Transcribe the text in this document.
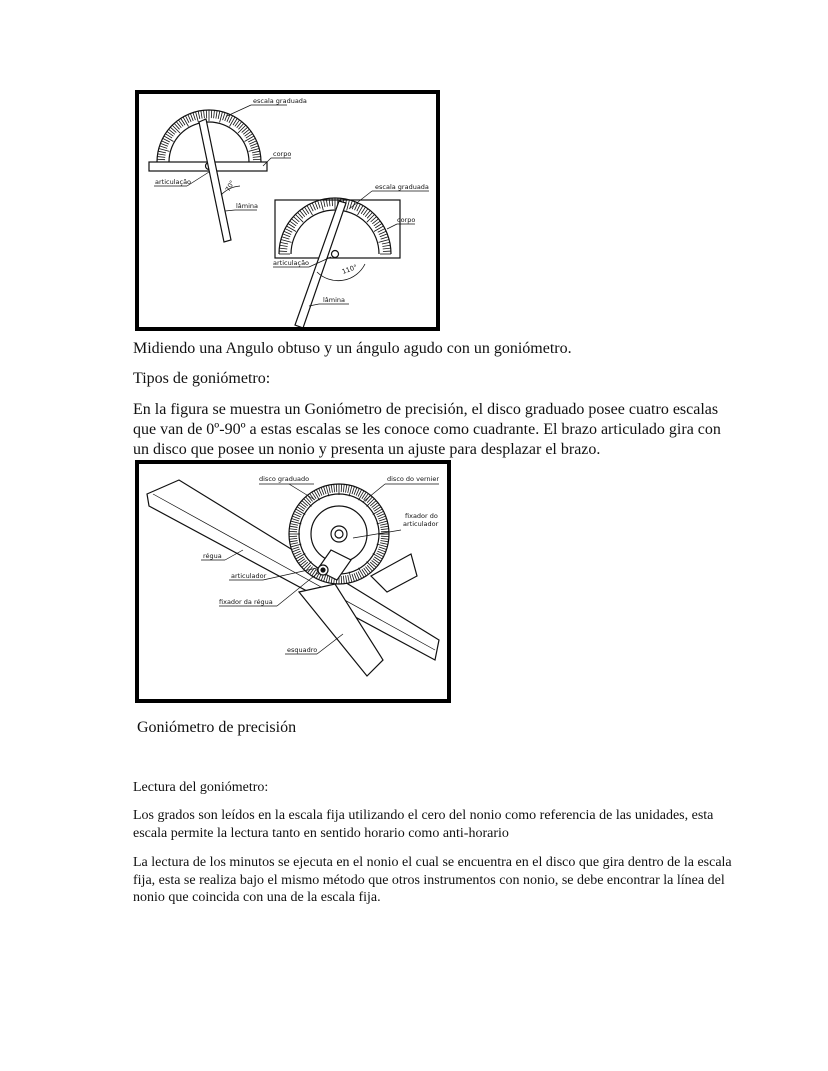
escala graduada
corpo
articulação
lâmina
70°	escala graduada
corpo
articulação
lâmina
110°

Midiendo una Angulo obtuso y un ángulo agudo con un goniómetro.

Tipos de goniómetro:

En la figura se muestra un Goniómetro de precisión, el disco graduado posee cuatro escalas que van de 0º-90º a estas escalas se les conoce como cuadrante. El brazo articulado gira con un disco que posee un nonio y presenta un ajuste para desplazar el brazo.

disco graduado	disco do vernier
fixador do
articulador
régua
articulador
fixador da régua
esquadro

Goniómetro de precisión

Lectura del goniómetro:

Los grados son leídos en la escala fija utilizando el cero del nonio como referencia de las unidades, esta escala permite la lectura tanto en sentido horario como anti-horario

La lectura de los minutos se ejecuta en el nonio el cual se encuentra en el disco que gira dentro de la escala fija, esta se realiza bajo el mismo método que otros instrumentos con nonio, se debe encontrar la línea del nonio que coincida con una de la escala fija.
